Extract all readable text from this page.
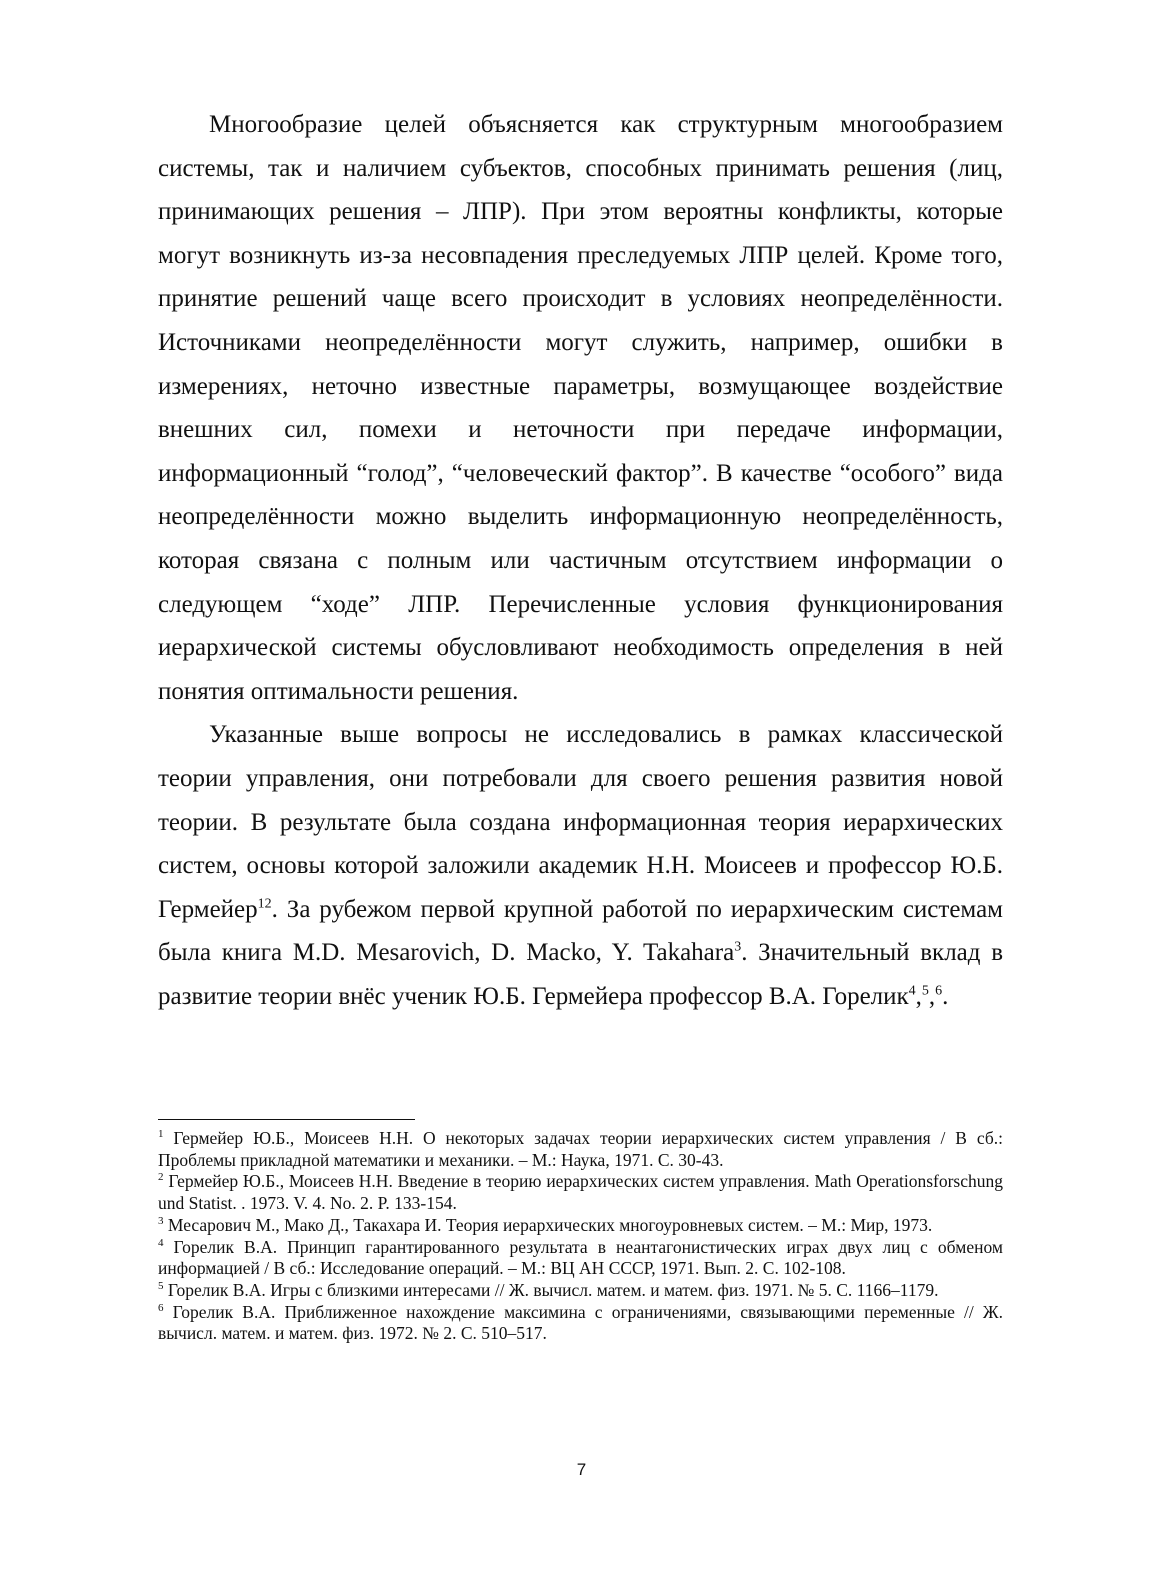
Многообразие целей объясняется как структурным многообразием системы, так и наличием субъектов, способных принимать решения (лиц, принимающих решения – ЛПР). При этом вероятны конфликты, которые могут возникнуть из-за несовпадения преследуемых ЛПР целей. Кроме того, принятие решений чаще всего происходит в условиях неопределённости. Источниками неопределённости могут служить, например, ошибки в измерениях, неточно известные параметры, возмущающее воздействие внешних сил, помехи и неточности при передаче информации, информационный “голод”, “человеческий фактор”. В качестве “особого” вида неопределённости можно выделить информационную неопределённость, которая связана с полным или частичным отсутствием информации о следующем “ходе” ЛПР. Перечисленные условия функционирования иерархической системы обусловливают необходимость определения в ней понятия оптимальности решения.

Указанные выше вопросы не исследовались в рамках классической теории управления, они потребовали для своего решения развития новой теории. В результате была создана информационная теория иерархических систем, основы которой заложили академик Н.Н. Моисеев и профессор Ю.Б. Гермейер$^{12}$. За рубежом первой крупной работой по иерархическим системам была книга M.D. Mesarovich, D. Macko, Y. Takahara$^3$. Значительный вклад в развитие теории внёс ученик Ю.Б. Гермейера профессор В.А. Горелик$^4$,$^5$,$^6$.

$^1$ Гермейер Ю.Б., Моисеев Н.Н. О некоторых задачах теории иерархических систем управления / В сб.: Проблемы прикладной математики и механики. – М.: Наука, 1971. С. 30-43.

$^2$ Гермейер Ю.Б., Моисеев Н.Н. Введение в теорию иерархических систем управления. Math Operationsforschung und Statist. . 1973. V. 4. No. 2. P. 133-154.

$^3$ Месарович М., Мако Д., Такахара И. Теория иерархических многоуровневых систем. – М.: Мир, 1973.

$^4$ Горелик В.А. Принцип гарантированного результата в неантагонистических играх двух лиц с обменом информацией / В сб.: Исследование операций. – М.: ВЦ АН СССР, 1971. Вып. 2. С. 102-108.

$^5$ Горелик В.А. Игры с близкими интересами // Ж. вычисл. матем. и матем. физ. 1971. № 5. С. 1166–1179.

$^6$ Горелик В.А. Приближенное нахождение максимина с ограничениями, связывающими переменные // Ж. вычисл. матем. и матем. физ. 1972. № 2. С. 510–517.

7
